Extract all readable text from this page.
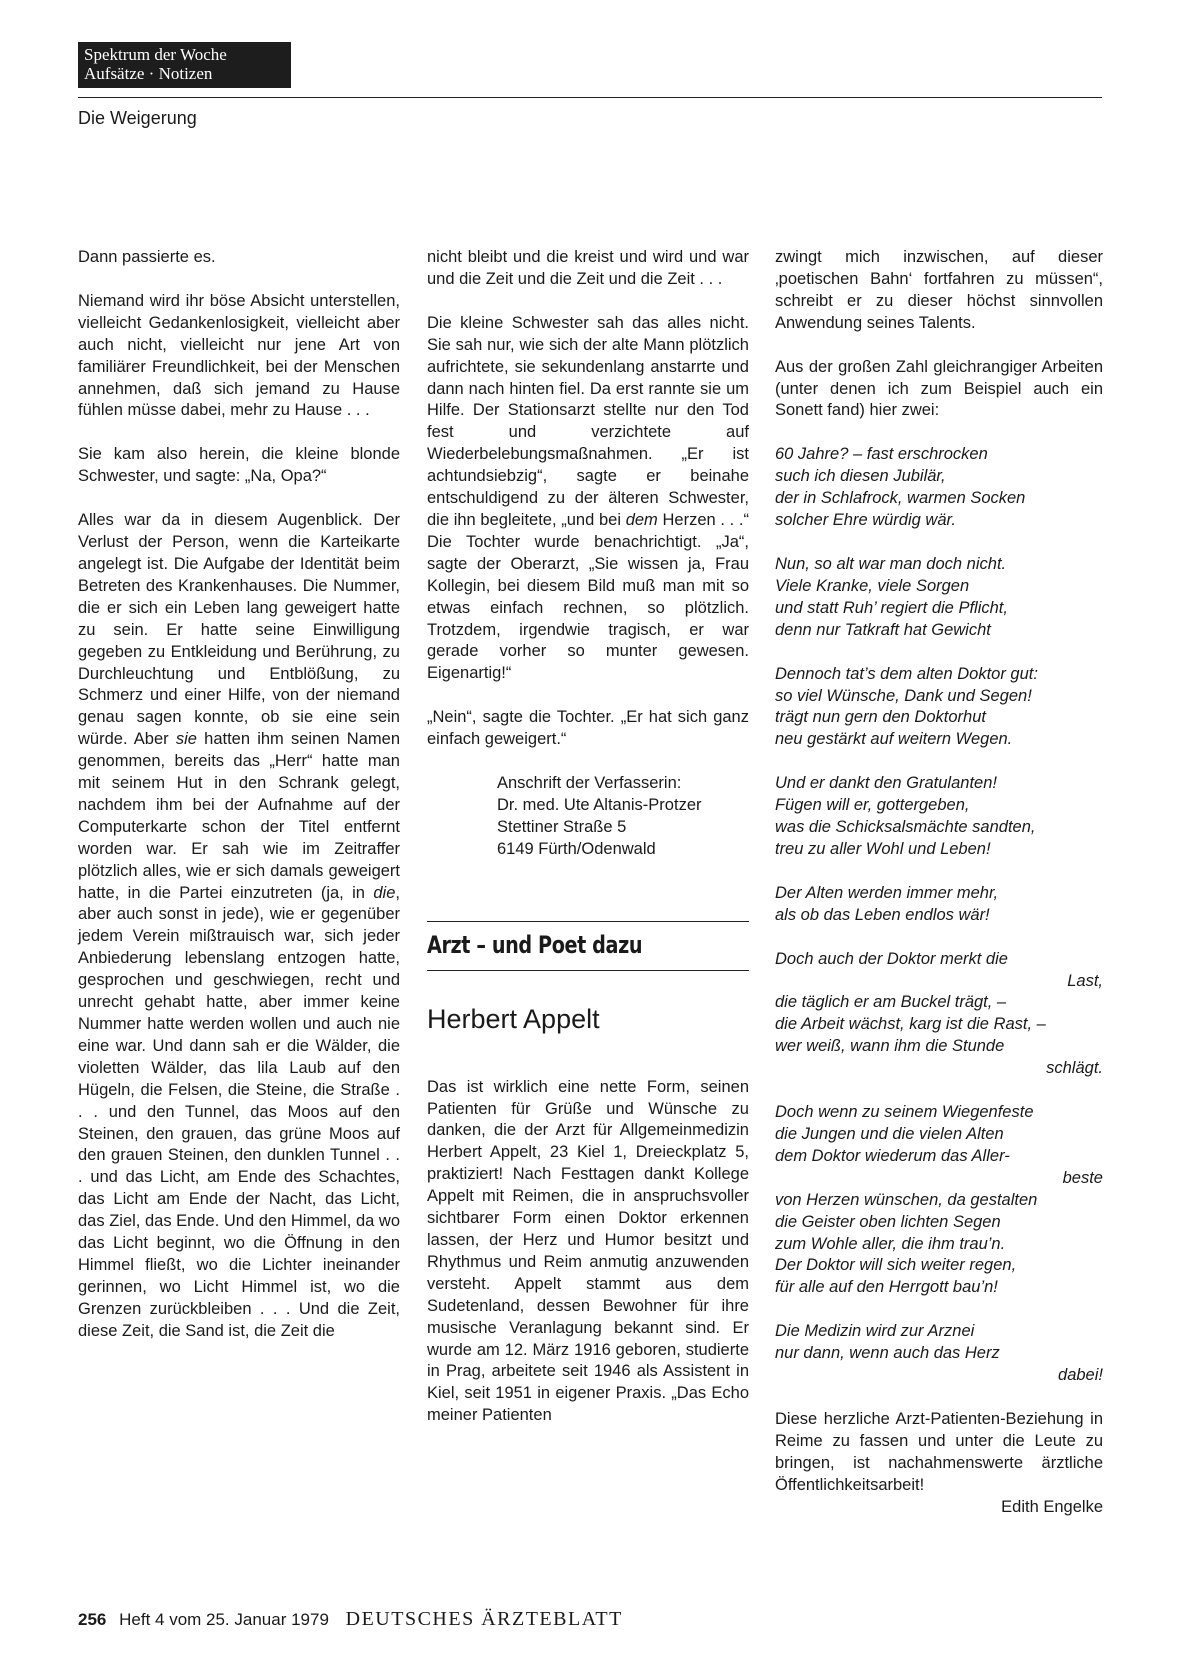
Spektrum der Woche
Aufsätze · Notizen
Die Weigerung

Dann passierte es.

Niemand wird ihr böse Absicht unterstellen, vielleicht Gedankenlosigkeit, vielleicht aber auch nicht, vielleicht nur jene Art von familiärer Freundlichkeit, bei der Menschen annehmen, daß sich jemand zu Hause fühlen müsse dabei, mehr zu Hause . . .

Sie kam also herein, die kleine blonde Schwester, und sagte: „Na, Opa?“

Alles war da in diesem Augenblick. Der Verlust der Person, wenn die Karteikarte angelegt ist. Die Aufgabe der Identität beim Betreten des Krankenhauses. Die Nummer, die er sich ein Leben lang geweigert hatte zu sein. Er hatte seine Einwilligung gegeben zu Entkleidung und Berührung, zu Durchleuchtung und Entblößung, zu Schmerz und einer Hilfe, von der niemand genau sagen konnte, ob sie eine sein würde. Aber sie hatten ihm seinen Namen genommen, bereits das „Herr“ hatte man mit seinem Hut in den Schrank gelegt, nachdem ihm bei der Aufnahme auf der Computerkarte schon der Titel entfernt worden war. Er sah wie im Zeitraffer plötzlich alles, wie er sich damals geweigert hatte, in die Partei einzutreten (ja, in die, aber auch sonst in jede), wie er gegenüber jedem Verein mißtrauisch war, sich jeder Anbiederung lebenslang entzogen hatte, gesprochen und geschwiegen, recht und unrecht gehabt hatte, aber immer keine Nummer hatte werden wollen und auch nie eine war. Und dann sah er die Wälder, die violetten Wälder, das lila Laub auf den Hügeln, die Felsen, die Steine, die Straße . . . und den Tunnel, das Moos auf den Steinen, den grauen, das grüne Moos auf den grauen Steinen, den dunklen Tunnel . . . und das Licht, am Ende des Schachtes, das Licht am Ende der Nacht, das Licht, das Ziel, das Ende. Und den Himmel, da wo das Licht beginnt, wo die Öffnung in den Himmel fließt, wo die Lichter ineinander gerinnen, wo Licht Himmel ist, wo die Grenzen zurückbleiben . . . Und die Zeit, diese Zeit, die Sand ist, die Zeit die

nicht bleibt und die kreist und wird und war und die Zeit und die Zeit und die Zeit . . .

Die kleine Schwester sah das alles nicht. Sie sah nur, wie sich der alte Mann plötzlich aufrichtete, sie sekundenlang anstarrte und dann nach hinten fiel. Da erst rannte sie um Hilfe. Der Stationsarzt stellte nur den Tod fest und verzichtete auf Wiederbelebungsmaßnahmen. „Er ist achtundsiebzig“, sagte er beinahe entschuldigend zu der älteren Schwester, die ihn begleitete, „und bei dem Herzen . . .“ Die Tochter wurde benachrichtigt. „Ja“, sagte der Oberarzt, „Sie wissen ja, Frau Kollegin, bei diesem Bild muß man mit so etwas einfach rechnen, so plötzlich. Trotzdem, irgendwie tragisch, er war gerade vorher so munter gewesen. Eigenartig!“

„Nein“, sagte die Tochter. „Er hat sich ganz einfach geweigert.“

Anschrift der Verfasserin:
Dr. med. Ute Altanis-Protzer
Stettiner Straße 5
6149 Fürth/Odenwald
Arzt – und Poet dazu
Herbert Appelt

Das ist wirklich eine nette Form, seinen Patienten für Grüße und Wünsche zu danken, die der Arzt für Allgemeinmedizin Herbert Appelt, 23 Kiel 1, Dreieckplatz 5, praktiziert! Nach Festtagen dankt Kollege Appelt mit Reimen, die in anspruchsvoller sichtbarer Form einen Doktor erkennen lassen, der Herz und Humor besitzt und Rhythmus und Reim anmutig anzuwenden versteht. Appelt stammt aus dem Sudetenland, dessen Bewohner für ihre musische Veranlagung bekannt sind. Er wurde am 12. März 1916 geboren, studierte in Prag, arbeitete seit 1946 als Assistent in Kiel, seit 1951 in eigener Praxis. „Das Echo meiner Patienten

zwingt mich inzwischen, auf dieser ‚poetischen Bahn‘ fortfahren zu müssen“, schreibt er zu dieser höchst sinnvollen Anwendung seines Talents.

Aus der großen Zahl gleichrangiger Arbeiten (unter denen ich zum Beispiel auch ein Sonett fand) hier zwei:

60 Jahre? – fast erschrocken
such ich diesen Jubilär,
der in Schlafrock, warmen Socken
solcher Ehre würdig wär.
Nun, so alt war man doch nicht.
Viele Kranke, viele Sorgen
und statt Ruh’ regiert die Pflicht,
denn nur Tatkraft hat Gewicht
Dennoch tat’s dem alten Doktor gut:
so viel Wünsche, Dank und Segen!
trägt nun gern den Doktorhut
neu gestärkt auf weitern Wegen.
Und er dankt den Gratulanten!
Fügen will er, gottergeben,
was die Schicksalsmächte sandten,
treu zu aller Wohl und Leben!
Der Alten werden immer mehr,
als ob das Leben endlos wär!
Doch auch der Doktor merkt die
Last,
die täglich er am Buckel trägt, –
die Arbeit wächst, karg ist die Rast, –
wer weiß, wann ihm die Stunde
schlägt.
Doch wenn zu seinem Wiegenfeste
die Jungen und die vielen Alten
dem Doktor wiederum das Aller-
beste
von Herzen wünschen, da gestalten
die Geister oben lichten Segen
zum Wohle aller, die ihm trau’n.
Der Doktor will sich weiter regen,
für alle auf den Herrgott bau’n!
Die Medizin wird zur Arznei
nur dann, wenn auch das Herz
dabei!

Diese herzliche Arzt-Patienten-Beziehung in Reime zu fassen und unter die Leute zu bringen, ist nachahmenswerte ärztliche Öffentlichkeitsarbeit!

Edith Engelke
256 Heft 4 vom 25. Januar 1979 DEUTSCHES ÄRZTEBLATT
